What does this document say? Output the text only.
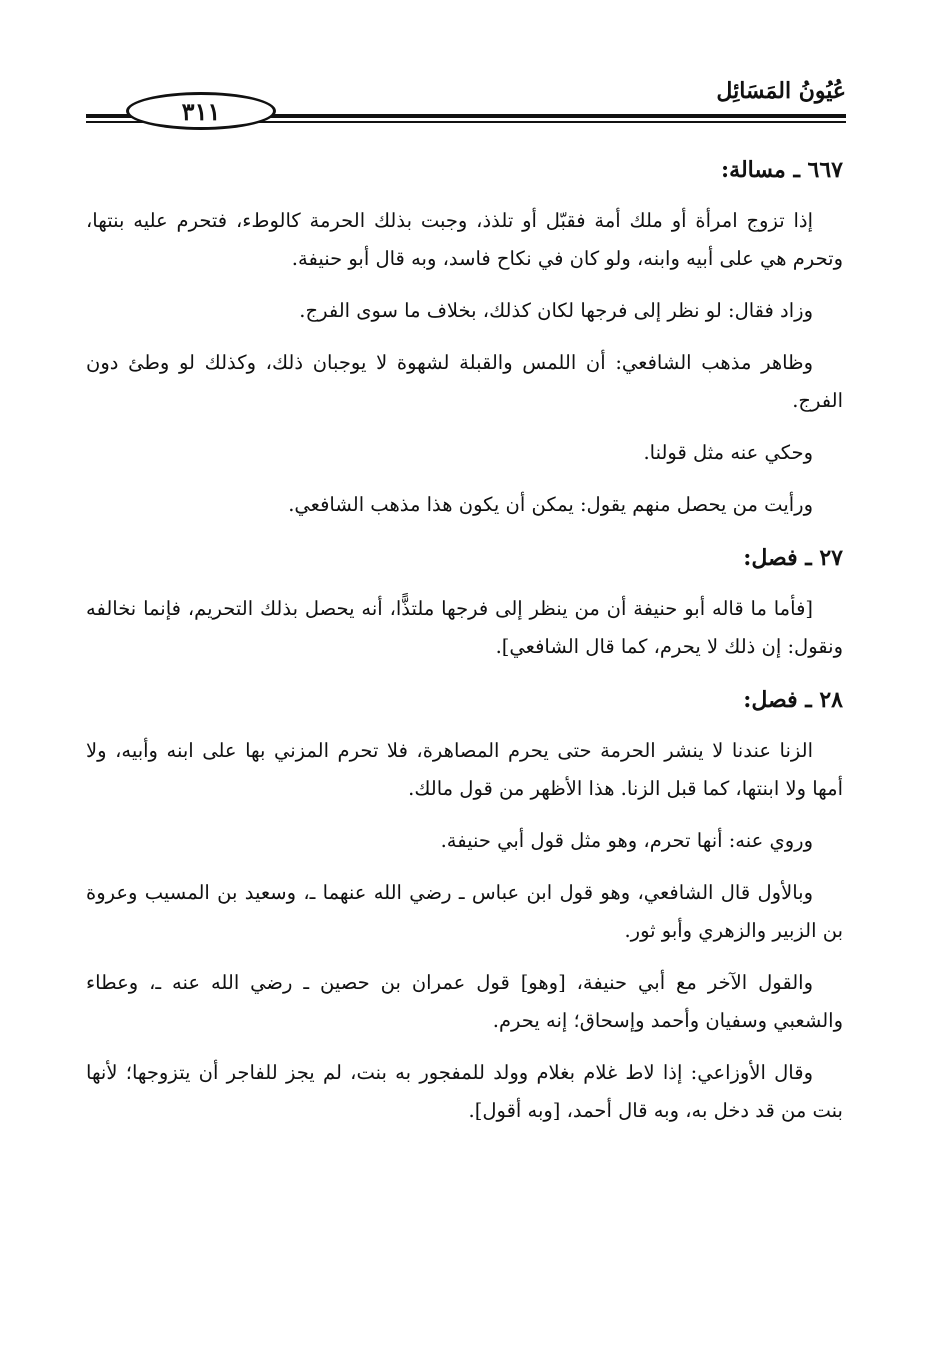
عُيُونُ المَسَائِل
٣١١
٦٦٧ ـ مسالة:

إذا تزوج امرأة أو ملك أمة فقبّل أو تلذذ، وجبت بذلك الحرمة كالوطء، فتحرم عليه بنتها، وتحرم هي على أبيه وابنه، ولو كان في نكاح فاسد، وبه قال أبو حنيفة.

وزاد فقال: لو نظر إلى فرجها لكان كذلك، بخلاف ما سوى الفرج.

وظاهر مذهب الشافعي: أن اللمس والقبلة لشهوة لا يوجبان ذلك، وكذلك لو وطئ دون الفرج.

وحكي عنه مثل قولنا.

ورأيت من يحصل منهم يقول: يمكن أن يكون هذا مذهب الشافعي.

٢٧ ـ فصل:

[فأما ما قاله أبو حنيفة أن من ينظر إلى فرجها ملتذًّا، أنه يحصل بذلك التحريم، فإنما نخالفه ونقول: إن ذلك لا يحرم، كما قال الشافعي].

٢٨ ـ فصل:

الزنا عندنا لا ينشر الحرمة حتى يحرم المصاهرة، فلا تحرم المزني بها على ابنه وأبيه، ولا أمها ولا ابنتها، كما قبل الزنا. هذا الأظهر من قول مالك.

وروي عنه: أنها تحرم، وهو مثل قول أبي حنيفة.

وبالأول قال الشافعي، وهو قول ابن عباس ـ رضي الله عنهما ـ، وسعيد بن المسيب وعروة بن الزبير والزهري وأبو ثور.

والقول الآخر مع أبي حنيفة، [وهو] قول عمران بن حصين ـ رضي الله عنه ـ، وعطاء والشعبي وسفيان وأحمد وإسحاق؛ إنه يحرم.

وقال الأوزاعي: إذا لاط غلام بغلام وولد للمفجور به بنت، لم يجز للفاجر أن يتزوجها؛ لأنها بنت من قد دخل به، وبه قال أحمد، [وبه أقول].
